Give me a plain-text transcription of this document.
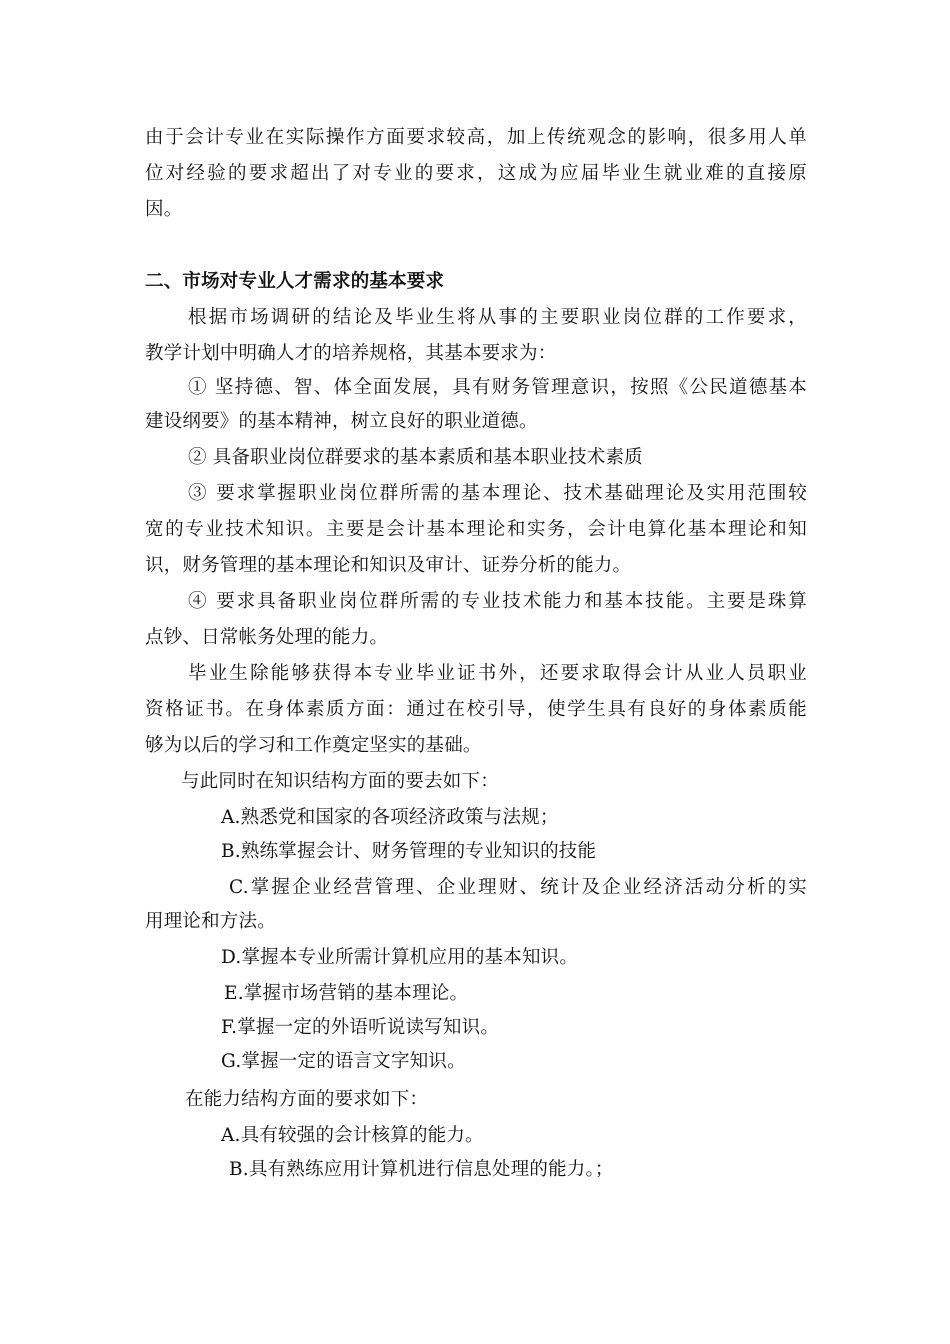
由于会计专业在实际操作方面要求较高，加上传统观念的影响，很多用人单
位对经验的要求超出了对专业的要求，这成为应届毕业生就业难的直接原
因。
二、市场对专业人才需求的基本要求
根据市场调研的结论及毕业生将从事的主要职业岗位群的工作要求，
教学计划中明确人才的培养规格，其基本要求为：
① 坚持德、智、体全面发展，具有财务管理意识，按照《公民道德基本
建设纲要》的基本精神，树立良好的职业道德。
② 具备职业岗位群要求的基本素质和基本职业技术素质
③ 要求掌握职业岗位群所需的基本理论、技术基础理论及实用范围较
宽的专业技术知识。主要是会计基本理论和实务，会计电算化基本理论和知
识，财务管理的基本理论和知识及审计、证券分析的能力。
④ 要求具备职业岗位群所需的专业技术能力和基本技能。主要是珠算
点钞、日常帐务处理的能力。
毕业生除能够获得本专业毕业证书外，还要求取得会计从业人员职业
资格证书。在身体素质方面：通过在校引导，使学生具有良好的身体素质能
够为以后的学习和工作奠定坚实的基础。
与此同时在知识结构方面的要去如下：
A.熟悉党和国家的各项经济政策与法规；
B.熟练掌握会计、财务管理的专业知识的技能
C.掌握企业经营管理、企业理财、统计及企业经济活动分析的实
用理论和方法。
D.掌握本专业所需计算机应用的基本知识。
E.掌握市场营销的基本理论。
F.掌握一定的外语听说读写知识。
G.掌握一定的语言文字知识。
在能力结构方面的要求如下：
A.具有较强的会计核算的能力。
B.具有熟练应用计算机进行信息处理的能力。；
